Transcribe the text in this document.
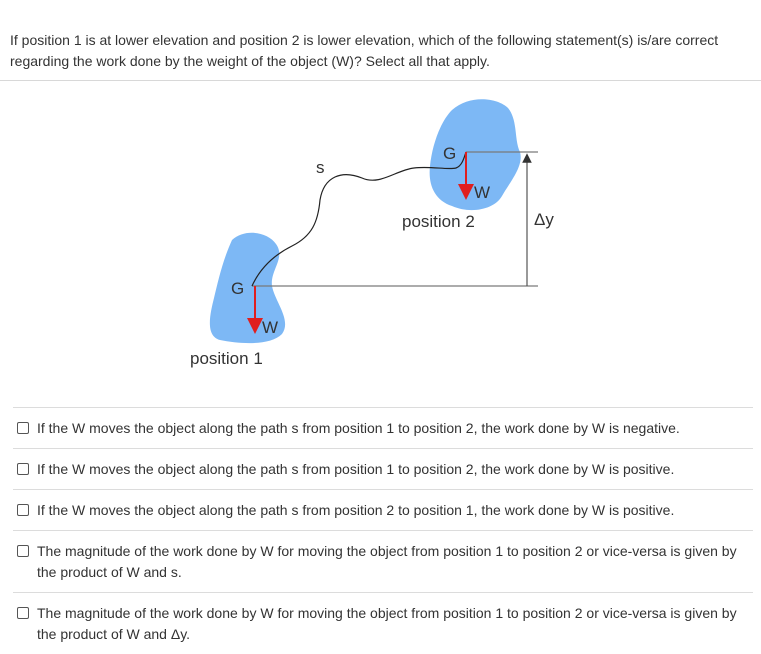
If position 1 is at lower elevation and position 2 is lower elevation, which of the following statement(s) is/are correct regarding the work done by the weight of the object (W)? Select all that apply.
G
W
position 1
G
W
position 2
s
Δy
If the W moves the object along the path s from position 1 to position 2, the work done by W is negative.
If the W moves the object along the path s from position 1 to position 2, the work done by W is positive.
If the W moves the object along the path s from position 2 to position 1, the work done by W is positive.
The magnitude of the work done by W for moving the object from position 1 to position 2 or vice-versa is given by the product of W and s.
The magnitude of the work done by W for moving the object from position 1 to position 2 or vice-versa is given by the product of W and Δy.
